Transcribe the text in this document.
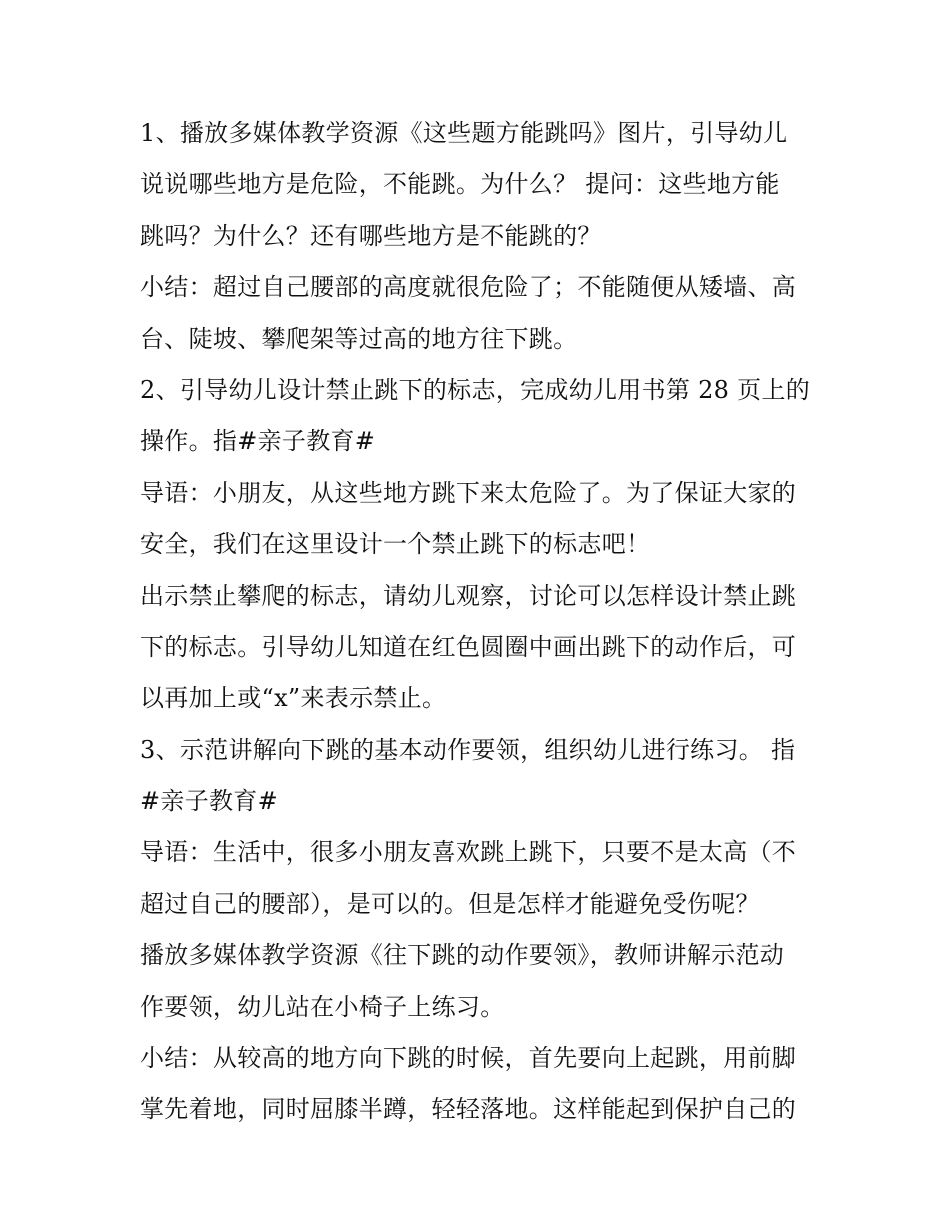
1、播放多媒体教学资源《这些题方能跳吗》图片，引导幼儿
说说哪些地方是危险，不能跳。为什么？ 提问：这些地方能
跳吗？为什么？还有哪些地方是不能跳的？
小结：超过自己腰部的高度就很危险了；不能随便从矮墙、高
台、陡坡、攀爬架等过高的地方往下跳。
2、引导幼儿设计禁止跳下的标志，完成幼儿用书第 28 页上的
操作。指#亲子教育#
导语：小朋友，从这些地方跳下来太危险了。为了保证大家的
安全，我们在这里设计一个禁止跳下的标志吧！
出示禁止攀爬的标志，请幼儿观察，讨论可以怎样设计禁止跳
下的标志。引导幼儿知道在红色圆圈中画出跳下的动作后，可
以再加上或“x”来表示禁止。
3、示范讲解向下跳的基本动作要领，组织幼儿进行练习。 指
#亲子教育#
导语：生活中，很多小朋友喜欢跳上跳下，只要不是太高（不
超过自己的腰部），是可以的。但是怎样才能避免受伤呢？
播放多媒体教学资源《往下跳的动作要领》，教师讲解示范动
作要领，幼儿站在小椅子上练习。
小结：从较高的地方向下跳的时候，首先要向上起跳，用前脚
掌先着地，同时屈膝半蹲，轻轻落地。这样能起到保护自己的
